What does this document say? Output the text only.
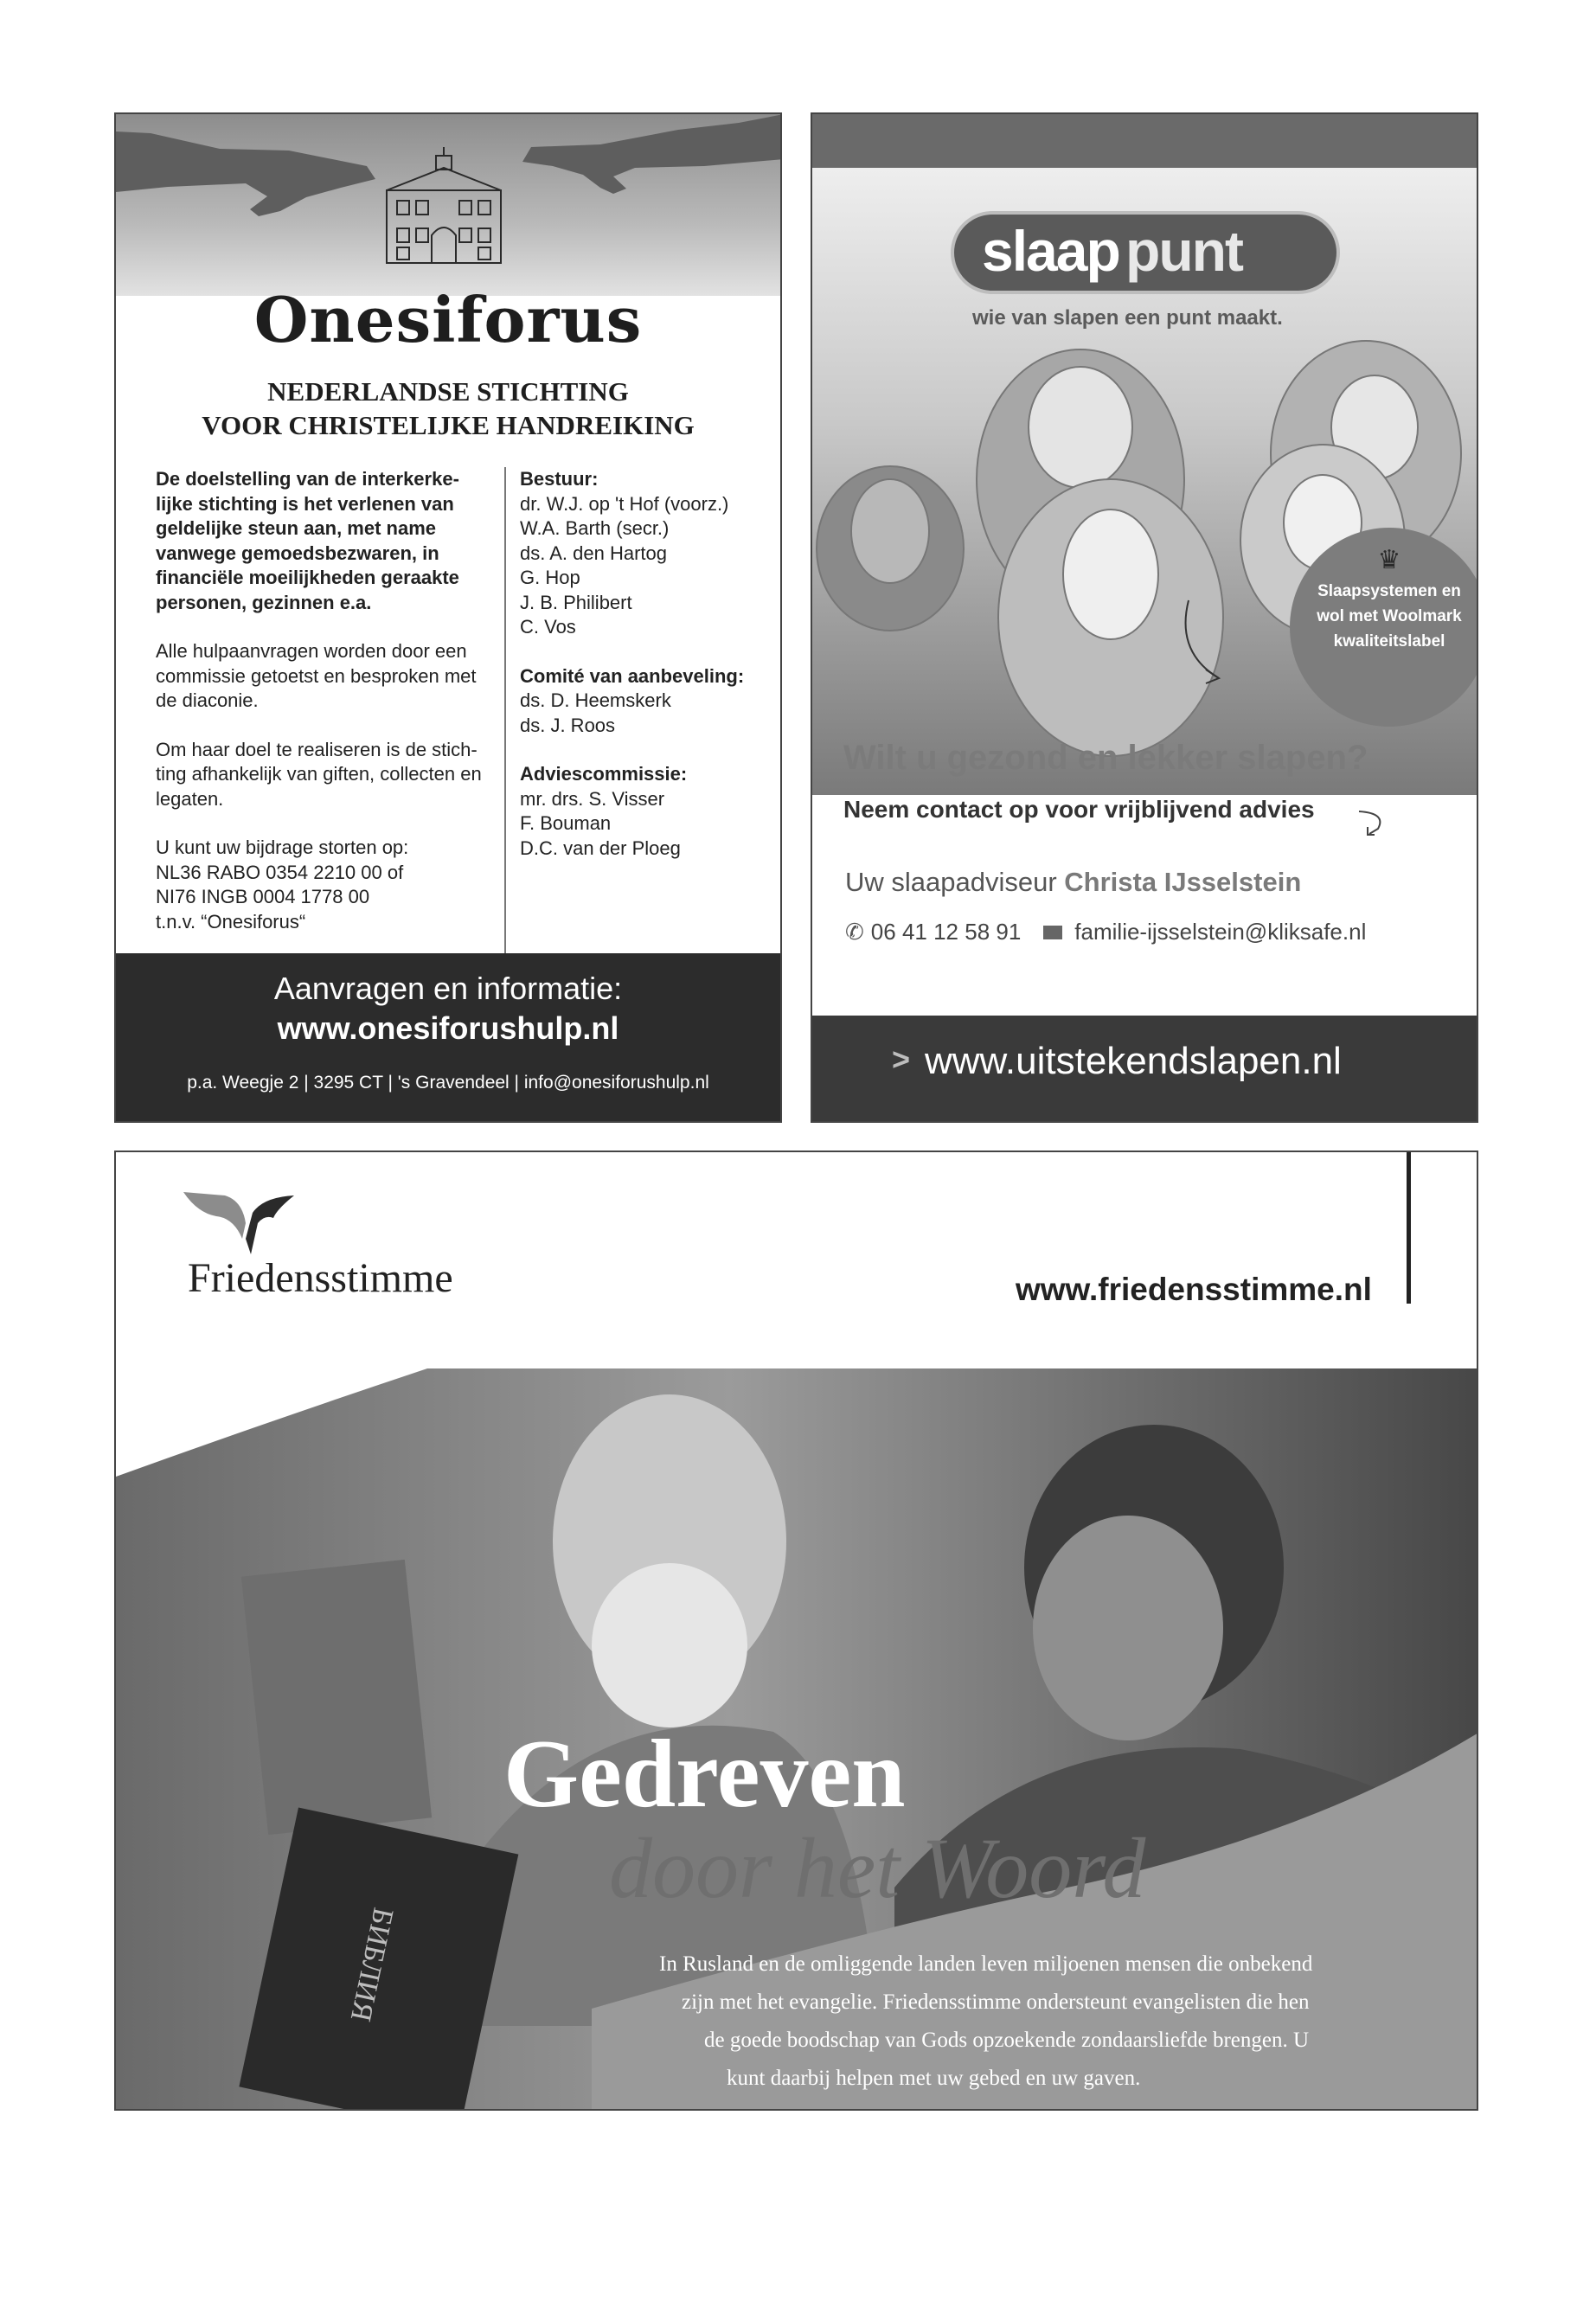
Onesiforus
NEDERLANDSE STICHTING
VOOR CHRISTELIJKE HANDREIKING
De doelstelling van de interkerke-
lijke stichting is het verlenen van
geldelijke steun aan, met name
vanwege gemoedsbezwaren, in
financiële moeilijkheden geraakte
personen, gezinnen e.a.
Alle hulpaanvragen worden door een
commissie getoetst en besproken met
de diaconie.
Om haar doel te realiseren is de stich-
ting afhankelijk van giften, collecten en
legaten.
U kunt uw bijdrage storten op:
NL36 RABO 0354 2210 00 of
NI76 INGB 0004 1778 00
t.n.v. “Onesiforus“
Bestuur:
dr. W.J. op 't Hof (voorz.)
W.A. Barth (secr.)
ds. A. den Hartog
G. Hop
J. B. Philibert
C. Vos
Comité van aanbeveling:
ds. D. Heemskerk
ds. J. Roos
Adviescommissie:
mr. drs. S. Visser
F. Bouman
D.C. van der Ploeg
Aanvragen en informatie:
www.onesiforushulp.nl
p.a. Weegje 2 | 3295 CT | 's Gravendeel | info@onesiforushulp.nl
slaap punt
wie van slapen een punt maakt.
♛
Slaapsystemen en
wol met Woolmark
kwaliteitslabel
Wilt u gezond en lekker slapen?
Neem contact op voor vrijblijvend advies
Uw slaapadviseur Christa IJsselstein
✆ 06 41 12 58 91 familie-ijsselstein@kliksafe.nl
> www.uitstekendslapen.nl
Friedensstimme	www.friedensstimme.nl
БИБЛИЯ
Gedreven
door het Woord
In Rusland en de omliggende landen leven miljoenen mensen die onbekend
zijn met het evangelie. Friedensstimme ondersteunt evangelisten die hen
de goede boodschap van Gods opzoekende zondaarsliefde brengen. U
kunt daarbij helpen met uw gebed en uw gaven.
